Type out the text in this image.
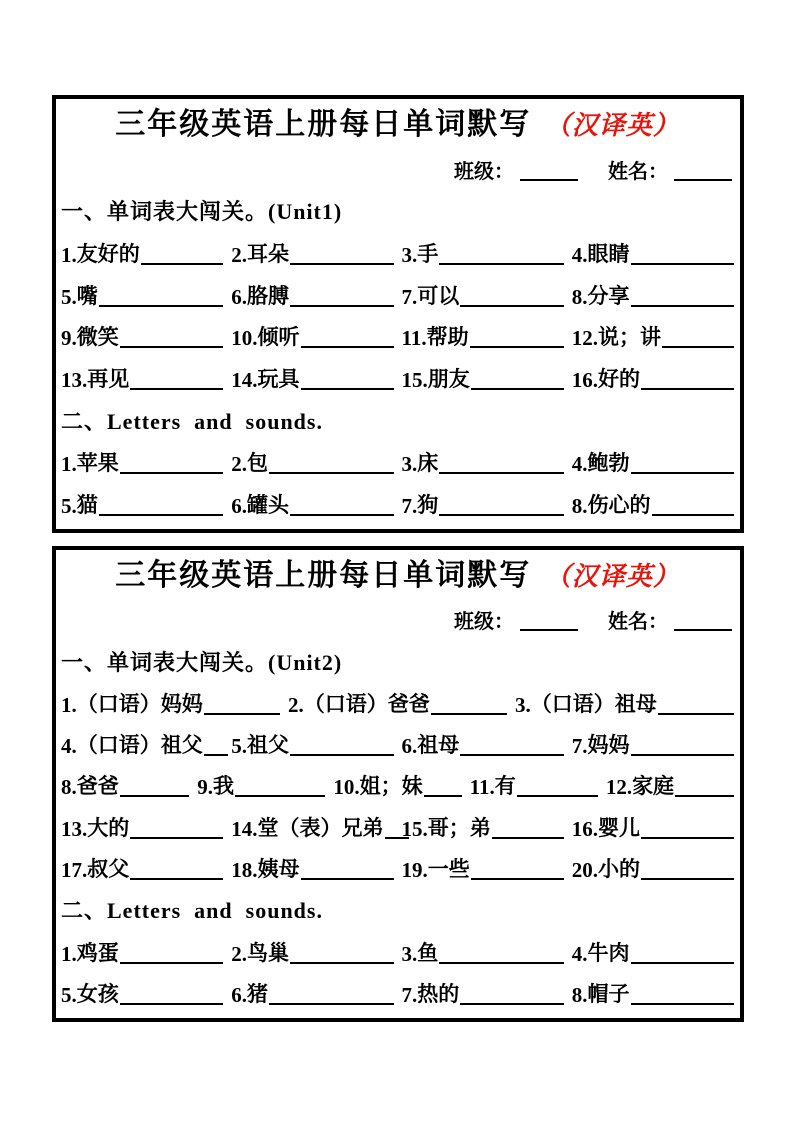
三年级英语上册每日单词默写 （汉译英）
班级：	姓名：
一、单词表大闯关。(Unit1)
1. 友好的	2. 耳朵	3. 手	4. 眼睛
5. 嘴	6. 胳膊	7. 可以	8. 分享
9. 微笑	10. 倾听	11. 帮助	12. 说；讲
13. 再见	14. 玩具	15. 朋友	16. 好的
二、Letters  and  sounds.
1. 苹果	2. 包	3. 床	4. 鲍勃
5. 猫	6. 罐头	7. 狗	8. 伤心的
三年级英语上册每日单词默写 （汉译英）
班级：	姓名：
一、单词表大闯关。(Unit2)
1. （口语）妈妈	2. （口语）爸爸	3. （口语）祖母
4. （口语）祖父 5. 祖父	6. 祖母	7. 妈妈
8. 爸爸	9. 我	10. 姐；妹 11. 有	12. 家庭
13. 大的	14. 堂（表）兄弟 15. 哥；弟	16. 婴儿
17. 叔父	18. 姨母	19. 一些	20. 小的
二、Letters  and  sounds.
1. 鸡蛋	2. 鸟巢	3. 鱼	4. 牛肉
5. 女孩	6. 猪	7. 热的	8. 帽子
